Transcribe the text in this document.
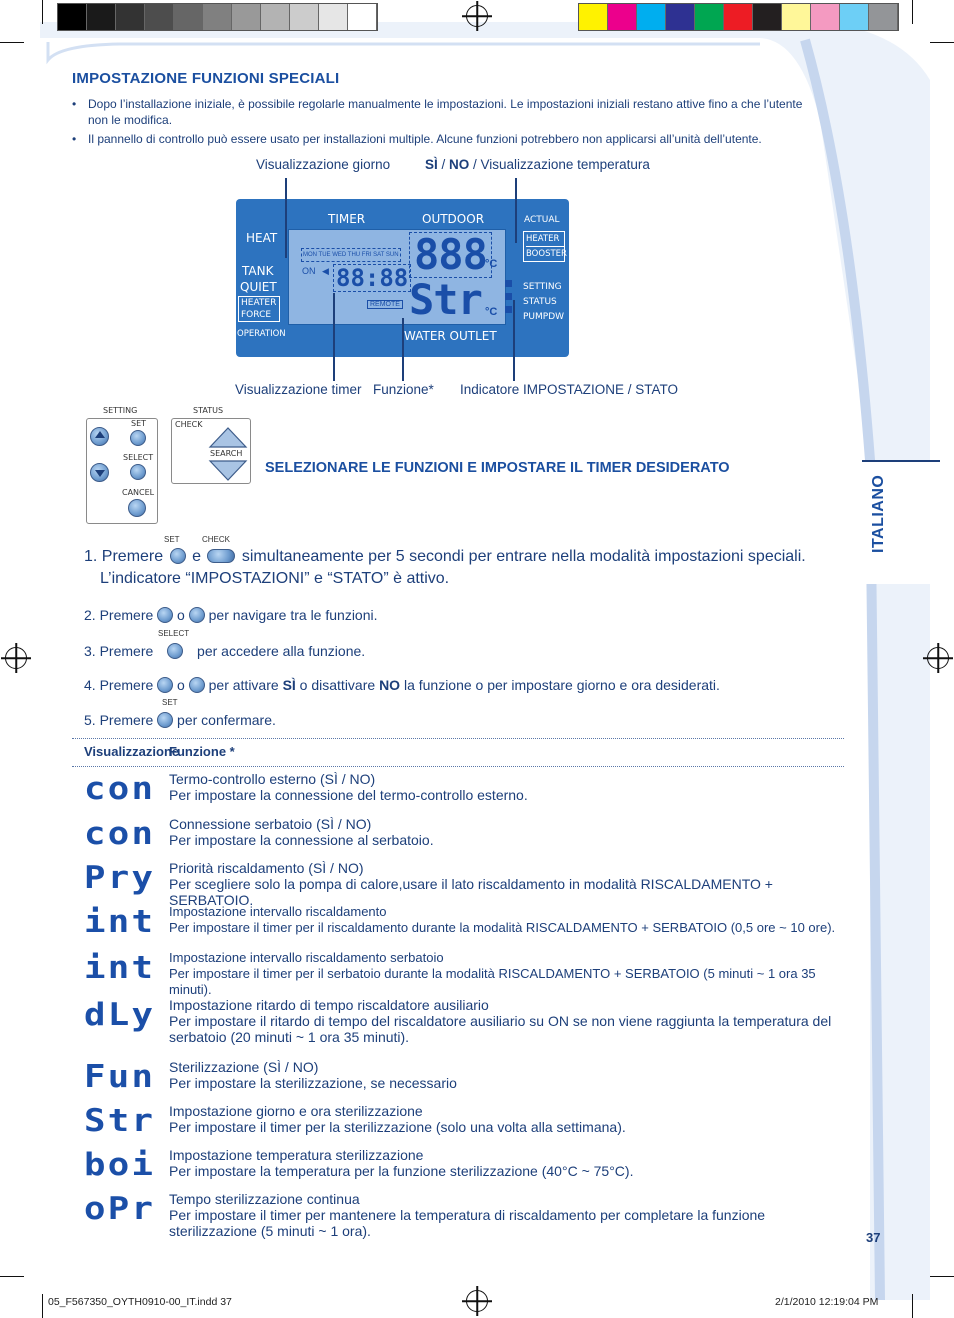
IMPOSTAZIONE FUNZIONI SPECIALI
• Dopo l’installazione iniziale, è possibile regolarle manualmente le impostazioni. Le impostazioni iniziali restano attive fino a che l’utente non le modifica.
• Il pannello di controllo può essere usato per installazioni multiple. Alcune funzioni potrebbero non applicarsi all’unità dell’utente.
Visualizzazione giorno	SÌ / NO / Visualizzazione temperatura
TIMER	OUTDOOR	ACTUAL
HEAT
TANK
QUIET
HEATER
FORCE
OPERATION
HEATER
BOOSTER
SETTING
STATUS
PUMPDW
WATER OUTLET
MON TUE WED THU FRI SAT SUN
ON ◀ 88:88
REMOTE
888
°C
Str °C
Visualizzazione timer Funzione* Indicatore IMPOSTAZIONE / STATO
SETTING	STATUS
SET
SELECT
CANCEL
CHECK
SEARCH
SELEZIONARE LE FUNZIONI E IMPOSTARE IL TIMER DESIDERATO
1. Premere
SET
e
CHECK
simultaneamente per 5 secondi per entrare nella modalità impostazioni speciali.
L’indicatore “IMPOSTAZIONI” e “STATO” è attivo.
2. Premere o per navigare tra le funzioni.
3. Premere
SELECT
per accedere alla funzione.
4. Premere o per attivare SÌ o disattivare NO la funzione o per impostare giorno e ora desiderati.
5. Premere
SET
per confermare.
Visualizzazione
Funzione *
con Termo-controllo esterno (SÌ / NO)
Per impostare la connessione del termo-controllo esterno.
con Connessione serbatoio (SÌ / NO)
Per impostare la connessione al serbatoio.
Pry Priorità riscaldamento (SÌ / NO)
Per scegliere solo la pompa di calore,usare il lato riscaldamento in modalità RISCALDAMENTO + SERBATOIO.
int Impostazione intervallo riscaldamento
Per impostare il timer per il riscaldamento durante la modalità RISCALDAMENTO + SERBATOIO (0,5 ore ~ 10 ore).
int Impostazione intervallo riscaldamento serbatoio
Per impostare il timer per il serbatoio durante la modalità RISCALDAMENTO + SERBATOIO (5 minuti ~ 1 ora 35 minuti).
dLy Impostazione ritardo di tempo riscaldatore ausiliario
Per impostare il ritardo di tempo del riscaldatore ausiliario su ON se non viene raggiunta la temperatura del serbatoio (20 minuti ~ 1 ora 35 minuti).
Fun Sterilizzazione (SÌ / NO)
Per impostare la sterilizzazione, se necessario
Str Impostazione giorno e ora sterilizzazione
Per impostare il timer per la sterilizzazione (solo una volta alla settimana).
boi Impostazione temperatura sterilizzazione
Per impostare la temperatura per la funzione sterilizzazione (40°C ~ 75°C).
oPr Tempo sterilizzazione continua
Per impostare il timer per mantenere la temperatura di riscaldamento per completare la funzione sterilizzazione (5 minuti ~ 1 ora).
ITALIANO
37
05_F567350_OYTH0910-00_IT.indd 37	2/1/2010 12:19:04 PM
